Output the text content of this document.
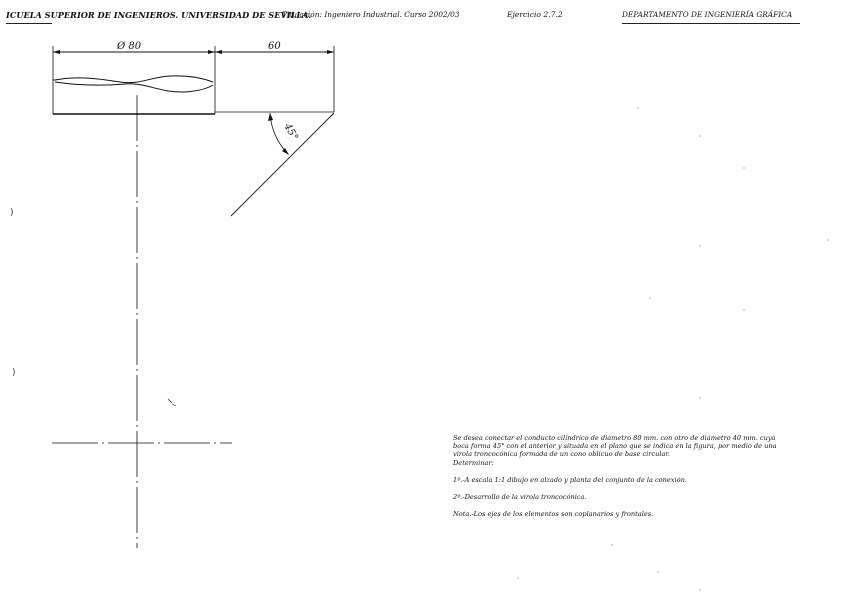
ICUELA SUPERIOR DE INGENIEROS. UNIVERSIDAD DE SEVILLA.
Titulación: Ingeniero Industrial. Curso 2002/03	Ejercicio 2.7.2	DEPARTAMENTO DE INGENIERÍA GRÁFICA
Ø 80	60
45°
)
)

Se desea conectar el conducto cilíndrico de diámetro 80 mm. con otro de diámetro 40 mm. cuya boca forma 45° con el anterior y situada en el plano que se indica en la figura, por medio de una virola troncocónica formada de un cono oblicuo de base circular.

Determinar:

1º.-A escala 1:1 dibujo en alzado y planta del conjunto de la conexión.

2º.-Desarrollo de la virola troncocónica.

Nota.-Los ejes de los elementos son coplanarios y frontales.
